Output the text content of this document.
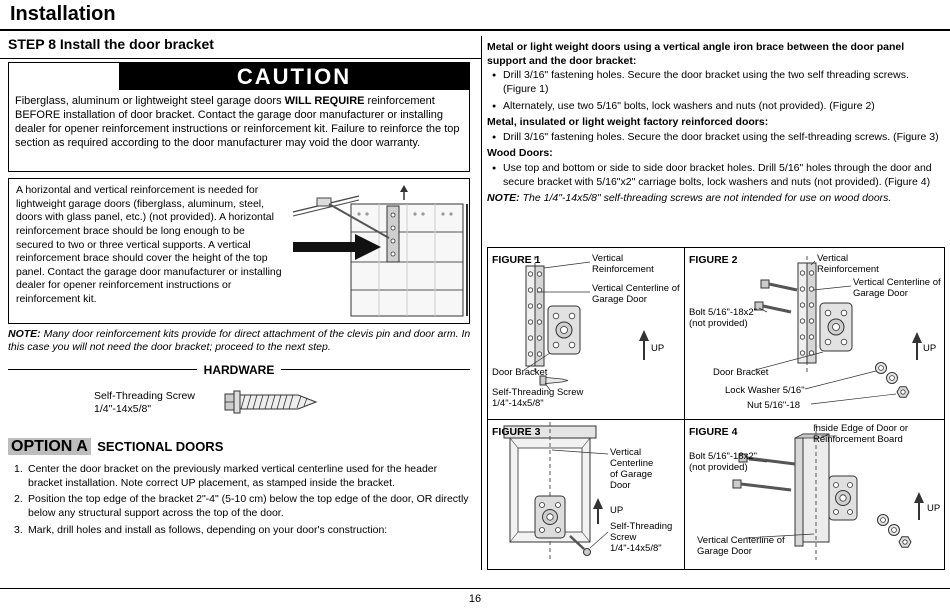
Installation
STEP 8 Install the door bracket
CAUTION

Fiberglass, aluminum or lightweight steel garage doors WILL REQUIRE reinforcement BEFORE installation of door bracket. Contact the garage door manufacturer or installing dealer for opener reinforcement instructions or reinforcement kit. Failure to reinforce the top section as required according to the door manufacturer may void the door warranty.

A horizontal and vertical reinforcement is needed for lightweight garage doors (fiberglass, aluminum, steel, doors with glass panel, etc.) (not provided). A horizontal reinforcement brace should be long enough to be secured to two or three vertical supports. A vertical reinforcement brace should cover the height of the top panel. Contact the garage door manufacturer or installing dealer for opener reinforcement instructions or reinforcement kit.

NOTE: Many door reinforcement kits provide for direct attachment of the clevis pin and door arm. In this case you will not need the door bracket; proceed to the next step.

HARDWARE
Self-Threading Screw
1/4"-14x5/8"
OPTION A SECTIONAL DOORS
1. Center the door bracket on the previously marked vertical centerline used for the header bracket installation. Note correct UP placement, as stamped inside the bracket.
2. Position the top edge of the bracket 2"-4" (5-10 cm) below the top edge of the door, OR directly below any structural support across the top of the door.
3. Mark, drill holes and install as follows, depending on your door's construction:
Metal or light weight doors using a vertical angle iron brace between the door panel support and the door bracket:
● Drill 3/16" fastening holes. Secure the door bracket using the two self threading screws. (Figure 1)
● Alternately, use two 5/16" bolts, lock washers and nuts (not provided). (Figure 2)
Metal, insulated or light weight factory reinforced doors:
● Drill 3/16" fastening holes. Secure the door bracket using the self-threading screws. (Figure 3)
Wood Doors:
● Use top and bottom or side to side door bracket holes. Drill 5/16" holes through the door and secure bracket with 5/16"x2" carriage bolts, lock washers and nuts (not provided). (Figure 4)

NOTE: The 1/4"-14x5/8" self-threading screws are not intended for use on wood doors.

FIGURE 1	Vertical Reinforcement
Vertical Centerline of Garage Door
UP
Door Bracket
Self-Threading Screw
1/4"-14x5/8"
FIGURE 2	Vertical Reinforcement
Vertical Centerline of Garage Door
Bolt 5/16"-18x2" (not provided)
UP
Door Bracket
Lock Washer 5/16"
Nut 5/16"-18
FIGURE 3
Vertical Centerline of Garage Door
UP
Self-Threading Screw
1/4"-14x5/8"
FIGURE 4	Inside Edge of Door or Reinforcement Board
Bolt 5/16"-18x2" (not provided)
UP
Vertical Centerline of Garage Door
16
